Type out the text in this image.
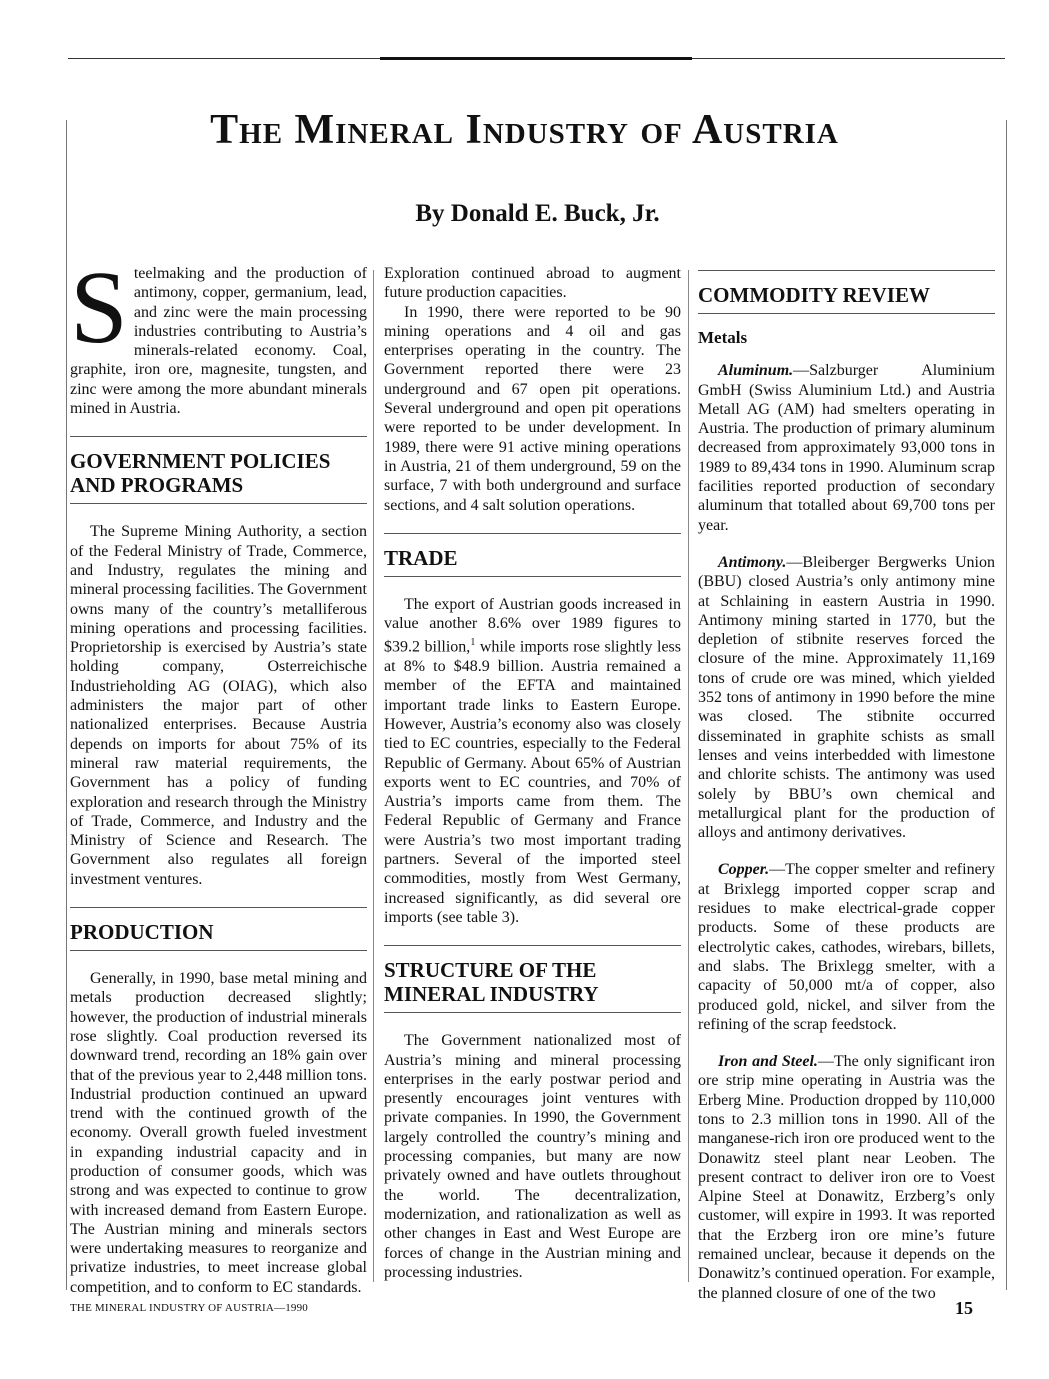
The Mineral Industry of Austria
By Donald E. Buck, Jr.

Steelmaking and the production of antimony, copper, germanium, lead, and zinc were the main processing industries contributing to Austria’s minerals-related economy. Coal, graphite, iron ore, magnesite, tungsten, and zinc were among the more abundant minerals mined in Austria.

GOVERNMENT POLICIES AND PROGRAMS

The Supreme Mining Authority, a section of the Federal Ministry of Trade, Commerce, and Industry, regulates the mining and mineral processing facilities. The Government owns many of the country’s metalliferous mining operations and processing facilities. Proprietorship is exercised by Austria’s state holding company, Osterreichische Industrieholding AG (OIAG), which also administers the major part of other nationalized enterprises. Because Austria depends on imports for about 75% of its mineral raw material requirements, the Government has a policy of funding exploration and research through the Ministry of Trade, Commerce, and Industry and the Ministry of Science and Research. The Government also regulates all foreign investment ventures.

PRODUCTION

Generally, in 1990, base metal mining and metals production decreased slightly; however, the production of industrial minerals rose slightly. Coal production reversed its downward trend, recording an 18% gain over that of the previous year to 2,448 million tons. Industrial production continued an upward trend with the continued growth of the economy. Overall growth fueled investment in expanding industrial capacity and in production of consumer goods, which was strong and was expected to continue to grow with increased demand from Eastern Europe. The Austrian mining and minerals sectors were undertaking measures to reorganize and privatize industries, to meet increase global competition, and to conform to EC standards.

Exploration continued abroad to augment future production capacities.

In 1990, there were reported to be 90 mining operations and 4 oil and gas enterprises operating in the country. The Government reported there were 23 underground and 67 open pit operations. Several underground and open pit operations were reported to be under development. In 1989, there were 91 active mining operations in Austria, 21 of them underground, 59 on the surface, 7 with both underground and surface sections, and 4 salt solution operations.

TRADE

The export of Austrian goods increased in value another 8.6% over 1989 figures to $39.2 billion,$^1$ while imports rose slightly less at 8% to $48.9 billion. Austria remained a member of the EFTA and maintained important trade links to Eastern Europe. However, Austria’s economy also was closely tied to EC countries, especially to the Federal Republic of Germany. About 65% of Austrian exports went to EC countries, and 70% of Austria’s imports came from them. The Federal Republic of Germany and France were Austria’s two most important trading partners. Several of the imported steel commodities, mostly from West Germany, increased significantly, as did several ore imports (see table 3).

STRUCTURE OF THE MINERAL INDUSTRY

The Government nationalized most of Austria’s mining and mineral processing enterprises in the early postwar period and presently encourages joint ventures with private companies. In 1990, the Government largely controlled the country’s mining and processing companies, but many are now privately owned and have outlets throughout the world. The decentralization, modernization, and rationalization as well as other changes in East and West Europe are forces of change in the Austrian mining and processing industries.

COMMODITY REVIEW
Metals

Aluminum.—Salzburger Aluminium GmbH (Swiss Aluminium Ltd.) and Austria Metall AG (AM) had smelters operating in Austria. The production of primary aluminum decreased from approximately 93,000 tons in 1989 to 89,434 tons in 1990. Aluminum scrap facilities reported production of secondary aluminum that totalled about 69,700 tons per year.

Antimony.—Bleiberger Bergwerks Union (BBU) closed Austria’s only antimony mine at Schlaining in eastern Austria in 1990. Antimony mining started in 1770, but the depletion of stibnite reserves forced the closure of the mine. Approximately 11,169 tons of crude ore was mined, which yielded 352 tons of antimony in 1990 before the mine was closed. The stibnite occurred disseminated in graphite schists as small lenses and veins interbedded with limestone and chlorite schists. The antimony was used solely by BBU’s own chemical and metallurgical plant for the production of alloys and antimony derivatives.

Copper.—The copper smelter and refinery at Brixlegg imported copper scrap and residues to make electrical-grade copper products. Some of these products are electrolytic cakes, cathodes, wirebars, billets, and slabs. The Brixlegg smelter, with a capacity of 50,000 mt/a of copper, also produced gold, nickel, and silver from the refining of the scrap feedstock.

Iron and Steel.—The only significant iron ore strip mine operating in Austria was the Erberg Mine. Production dropped by 110,000 tons to 2.3 million tons in 1990. All of the manganese-rich iron ore produced went to the Donawitz steel plant near Leoben. The present contract to deliver iron ore to Voest Alpine Steel at Donawitz, Erzberg’s only customer, will expire in 1993. It was reported that the Erzberg iron ore mine’s future remained unclear, because it depends on the Donawitz’s continued operation. For example, the planned closure of one of the two

THE MINERAL INDUSTRY OF AUSTRIA—1990	15
